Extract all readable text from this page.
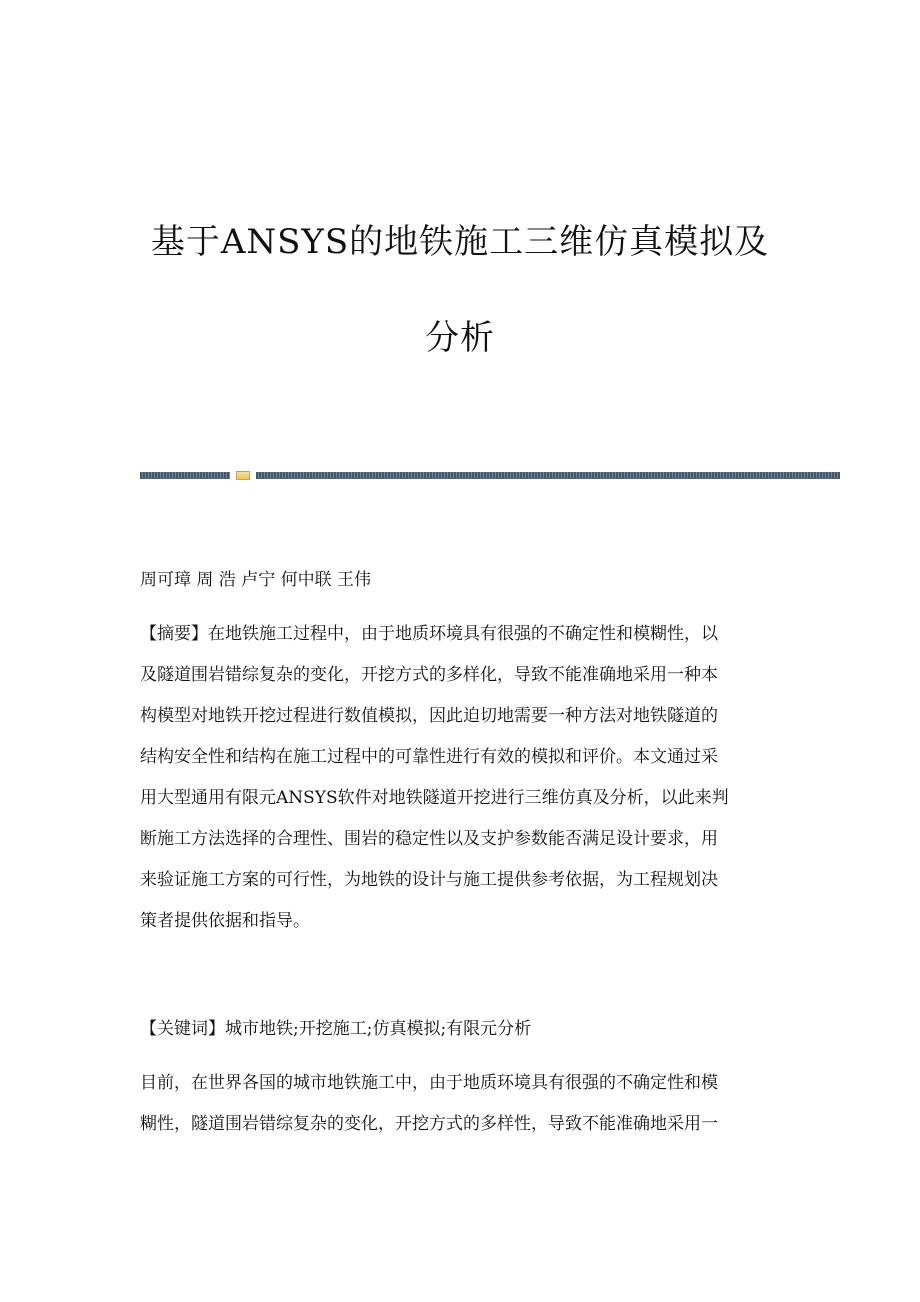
基于ANSYS的地铁施工三维仿真模拟及
分析

周可璋 周 浩 卢宁 何中联 王伟

【摘要】在地铁施工过程中，由于地质环境具有很强的不确定性和模糊性，以
及隧道围岩错综复杂的变化，开挖方式的多样化，导致不能准确地采用一种本
构模型对地铁开挖过程进行数值模拟，因此迫切地需要一种方法对地铁隧道的
结构安全性和结构在施工过程中的可靠性进行有效的模拟和评价。本文通过采
用大型通用有限元ANSYS软件对地铁隧道开挖进行三维仿真及分析，以此来判
断施工方法选择的合理性、围岩的稳定性以及支护参数能否满足设计要求，用
来验证施工方案的可行性，为地铁的设计与施工提供参考依据，为工程规划决
策者提供依据和指导。

【关键词】城市地铁;开挖施工;仿真模拟;有限元分析

目前，在世界各国的城市地铁施工中，由于地质环境具有很强的不确定性和模
糊性，隧道围岩错综复杂的变化，开挖方式的多样性，导致不能准确地采用一
